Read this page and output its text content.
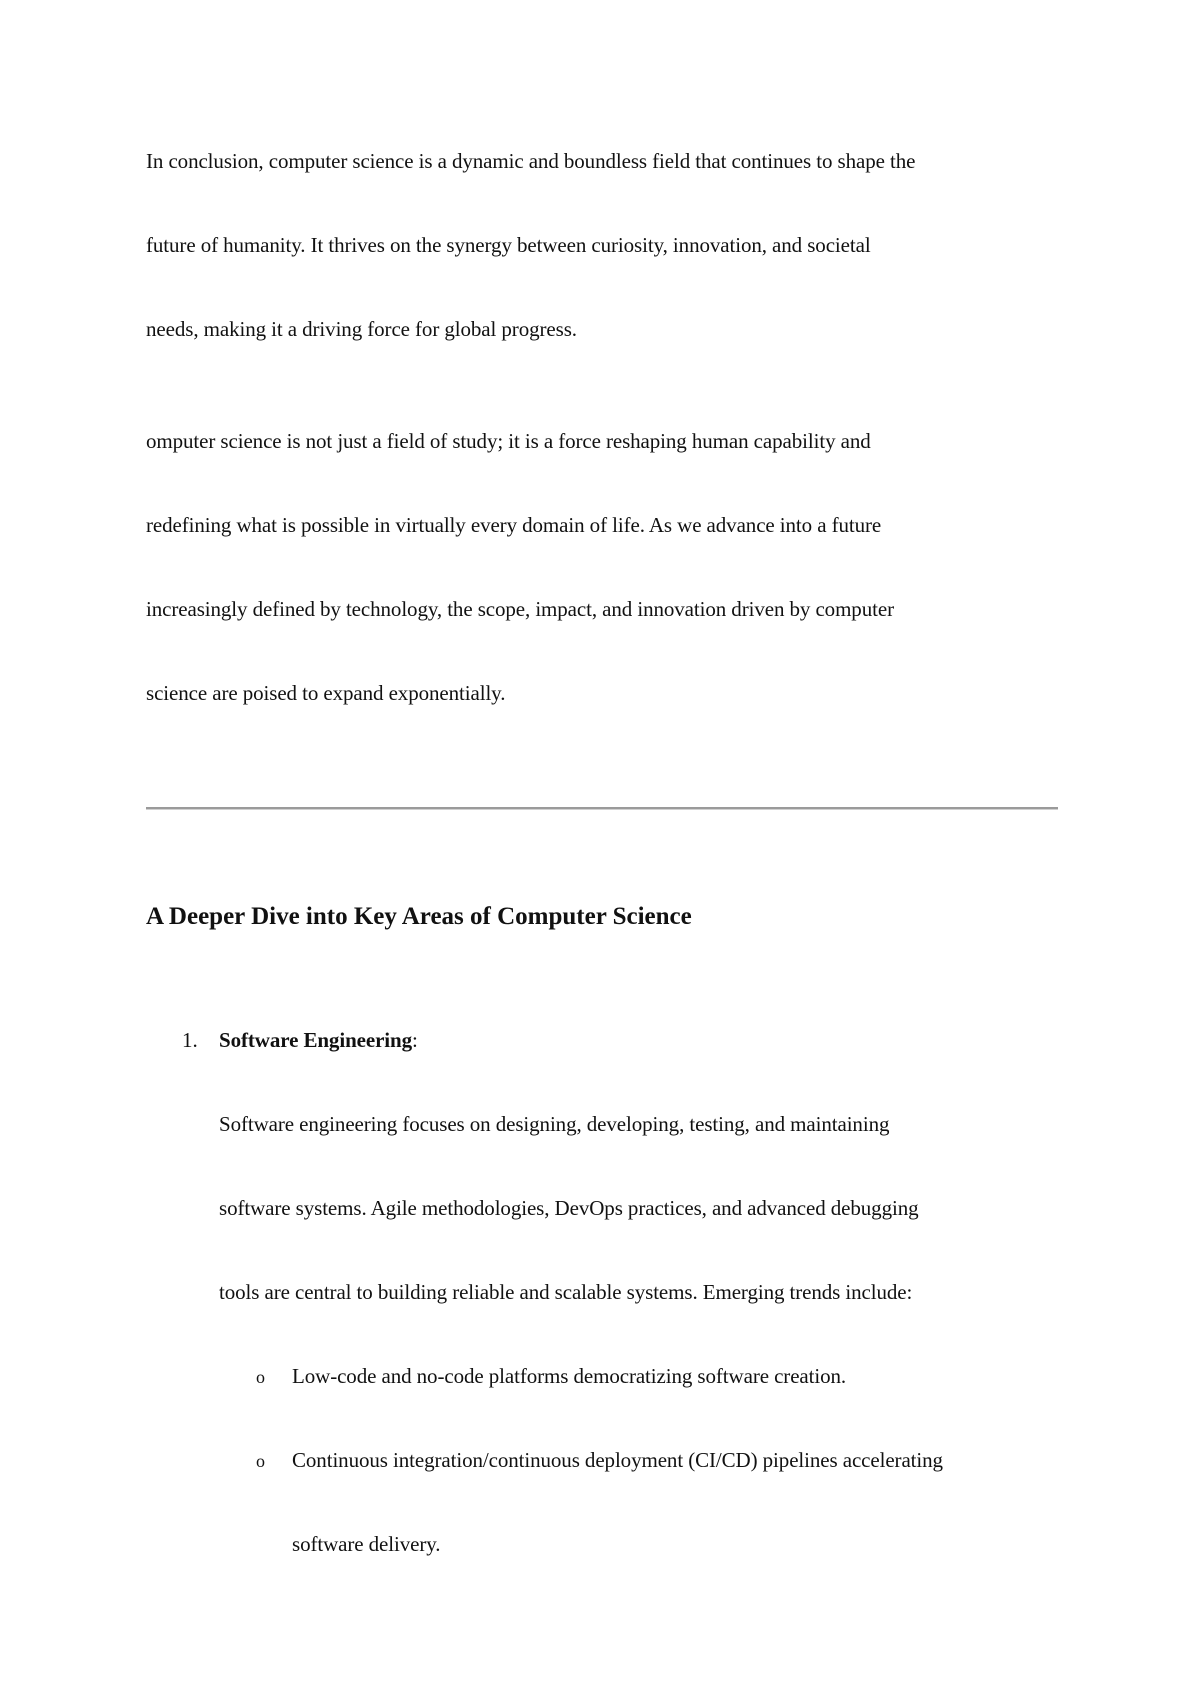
In conclusion, computer science is a dynamic and boundless field that continues to shape the
future of humanity. It thrives on the synergy between curiosity, innovation, and societal
needs, making it a driving force for global progress.
omputer science is not just a field of study; it is a force reshaping human capability and
redefining what is possible in virtually every domain of life. As we advance into a future
increasingly defined by technology, the scope, impact, and innovation driven by computer
science are poised to expand exponentially.
A Deeper Dive into Key Areas of Computer Science
1. Software Engineering:
Software engineering focuses on designing, developing, testing, and maintaining
software systems. Agile methodologies, DevOps practices, and advanced debugging
tools are central to building reliable and scalable systems. Emerging trends include:
o Low-code and no-code platforms democratizing software creation.
o Continuous integration/continuous deployment (CI/CD) pipelines accelerating
software delivery.
